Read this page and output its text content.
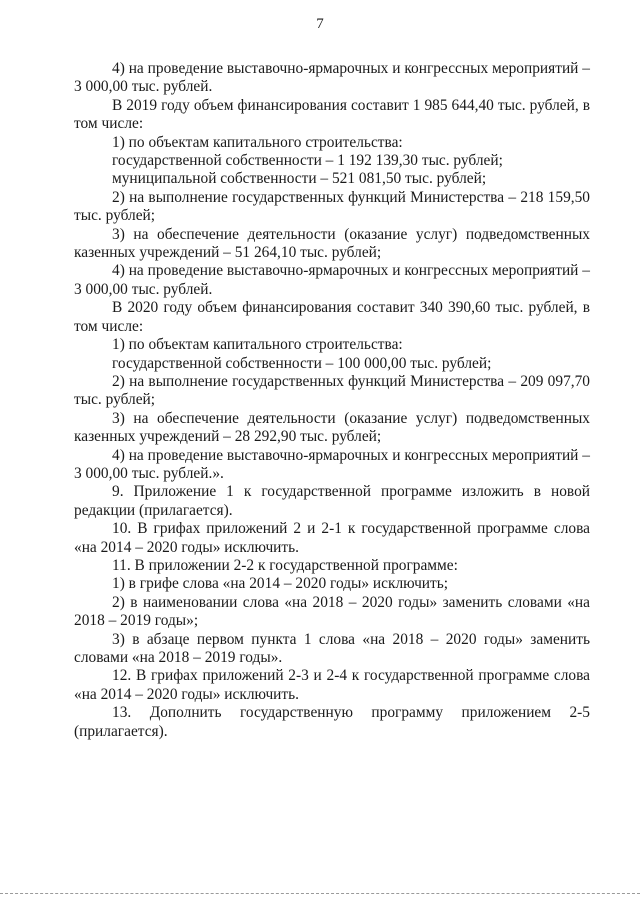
7

4) на проведение выставочно-ярмарочных и конгрессных мероприятий – 3 000,00 тыс. рублей.

В 2019 году объем финансирования составит 1 985 644,40 тыс. рублей, в том числе:

1) по объектам капитального строительства:

государственной собственности – 1 192 139,30 тыс. рублей;

муниципальной собственности – 521 081,50 тыс. рублей;

2) на выполнение государственных функций Министерства – 218 159,50 тыс. рублей;

3) на обеспечение деятельности (оказание услуг) подведомственных казенных учреждений – 51 264,10 тыс. рублей;

4) на проведение выставочно-ярмарочных и конгрессных мероприятий – 3 000,00 тыс. рублей.

В 2020 году объем финансирования составит 340 390,60 тыс. рублей, в том числе:

1) по объектам капитального строительства:

государственной собственности – 100 000,00 тыс. рублей;

2) на выполнение государственных функций Министерства – 209 097,70 тыс. рублей;

3) на обеспечение деятельности (оказание услуг) подведомственных казенных учреждений – 28 292,90 тыс. рублей;

4) на проведение выставочно-ярмарочных и конгрессных мероприятий – 3 000,00 тыс. рублей.».

9. Приложение 1 к государственной программе изложить в новой редакции (прилагается).

10. В грифах приложений 2 и 2-1 к государственной программе слова «на 2014 – 2020 годы» исключить.

11. В приложении 2-2 к государственной программе:

1) в грифе слова «на 2014 – 2020 годы» исключить;

2) в наименовании слова «на 2018 – 2020 годы» заменить словами «на 2018 – 2019 годы»;

3) в абзаце первом пункта 1 слова «на 2018 – 2020 годы» заменить словами «на 2018 – 2019 годы».

12. В грифах приложений 2-3 и 2-4 к государственной программе слова «на 2014 – 2020 годы» исключить.

13. Дополнить государственную программу приложением 2-5 (прилагается).
